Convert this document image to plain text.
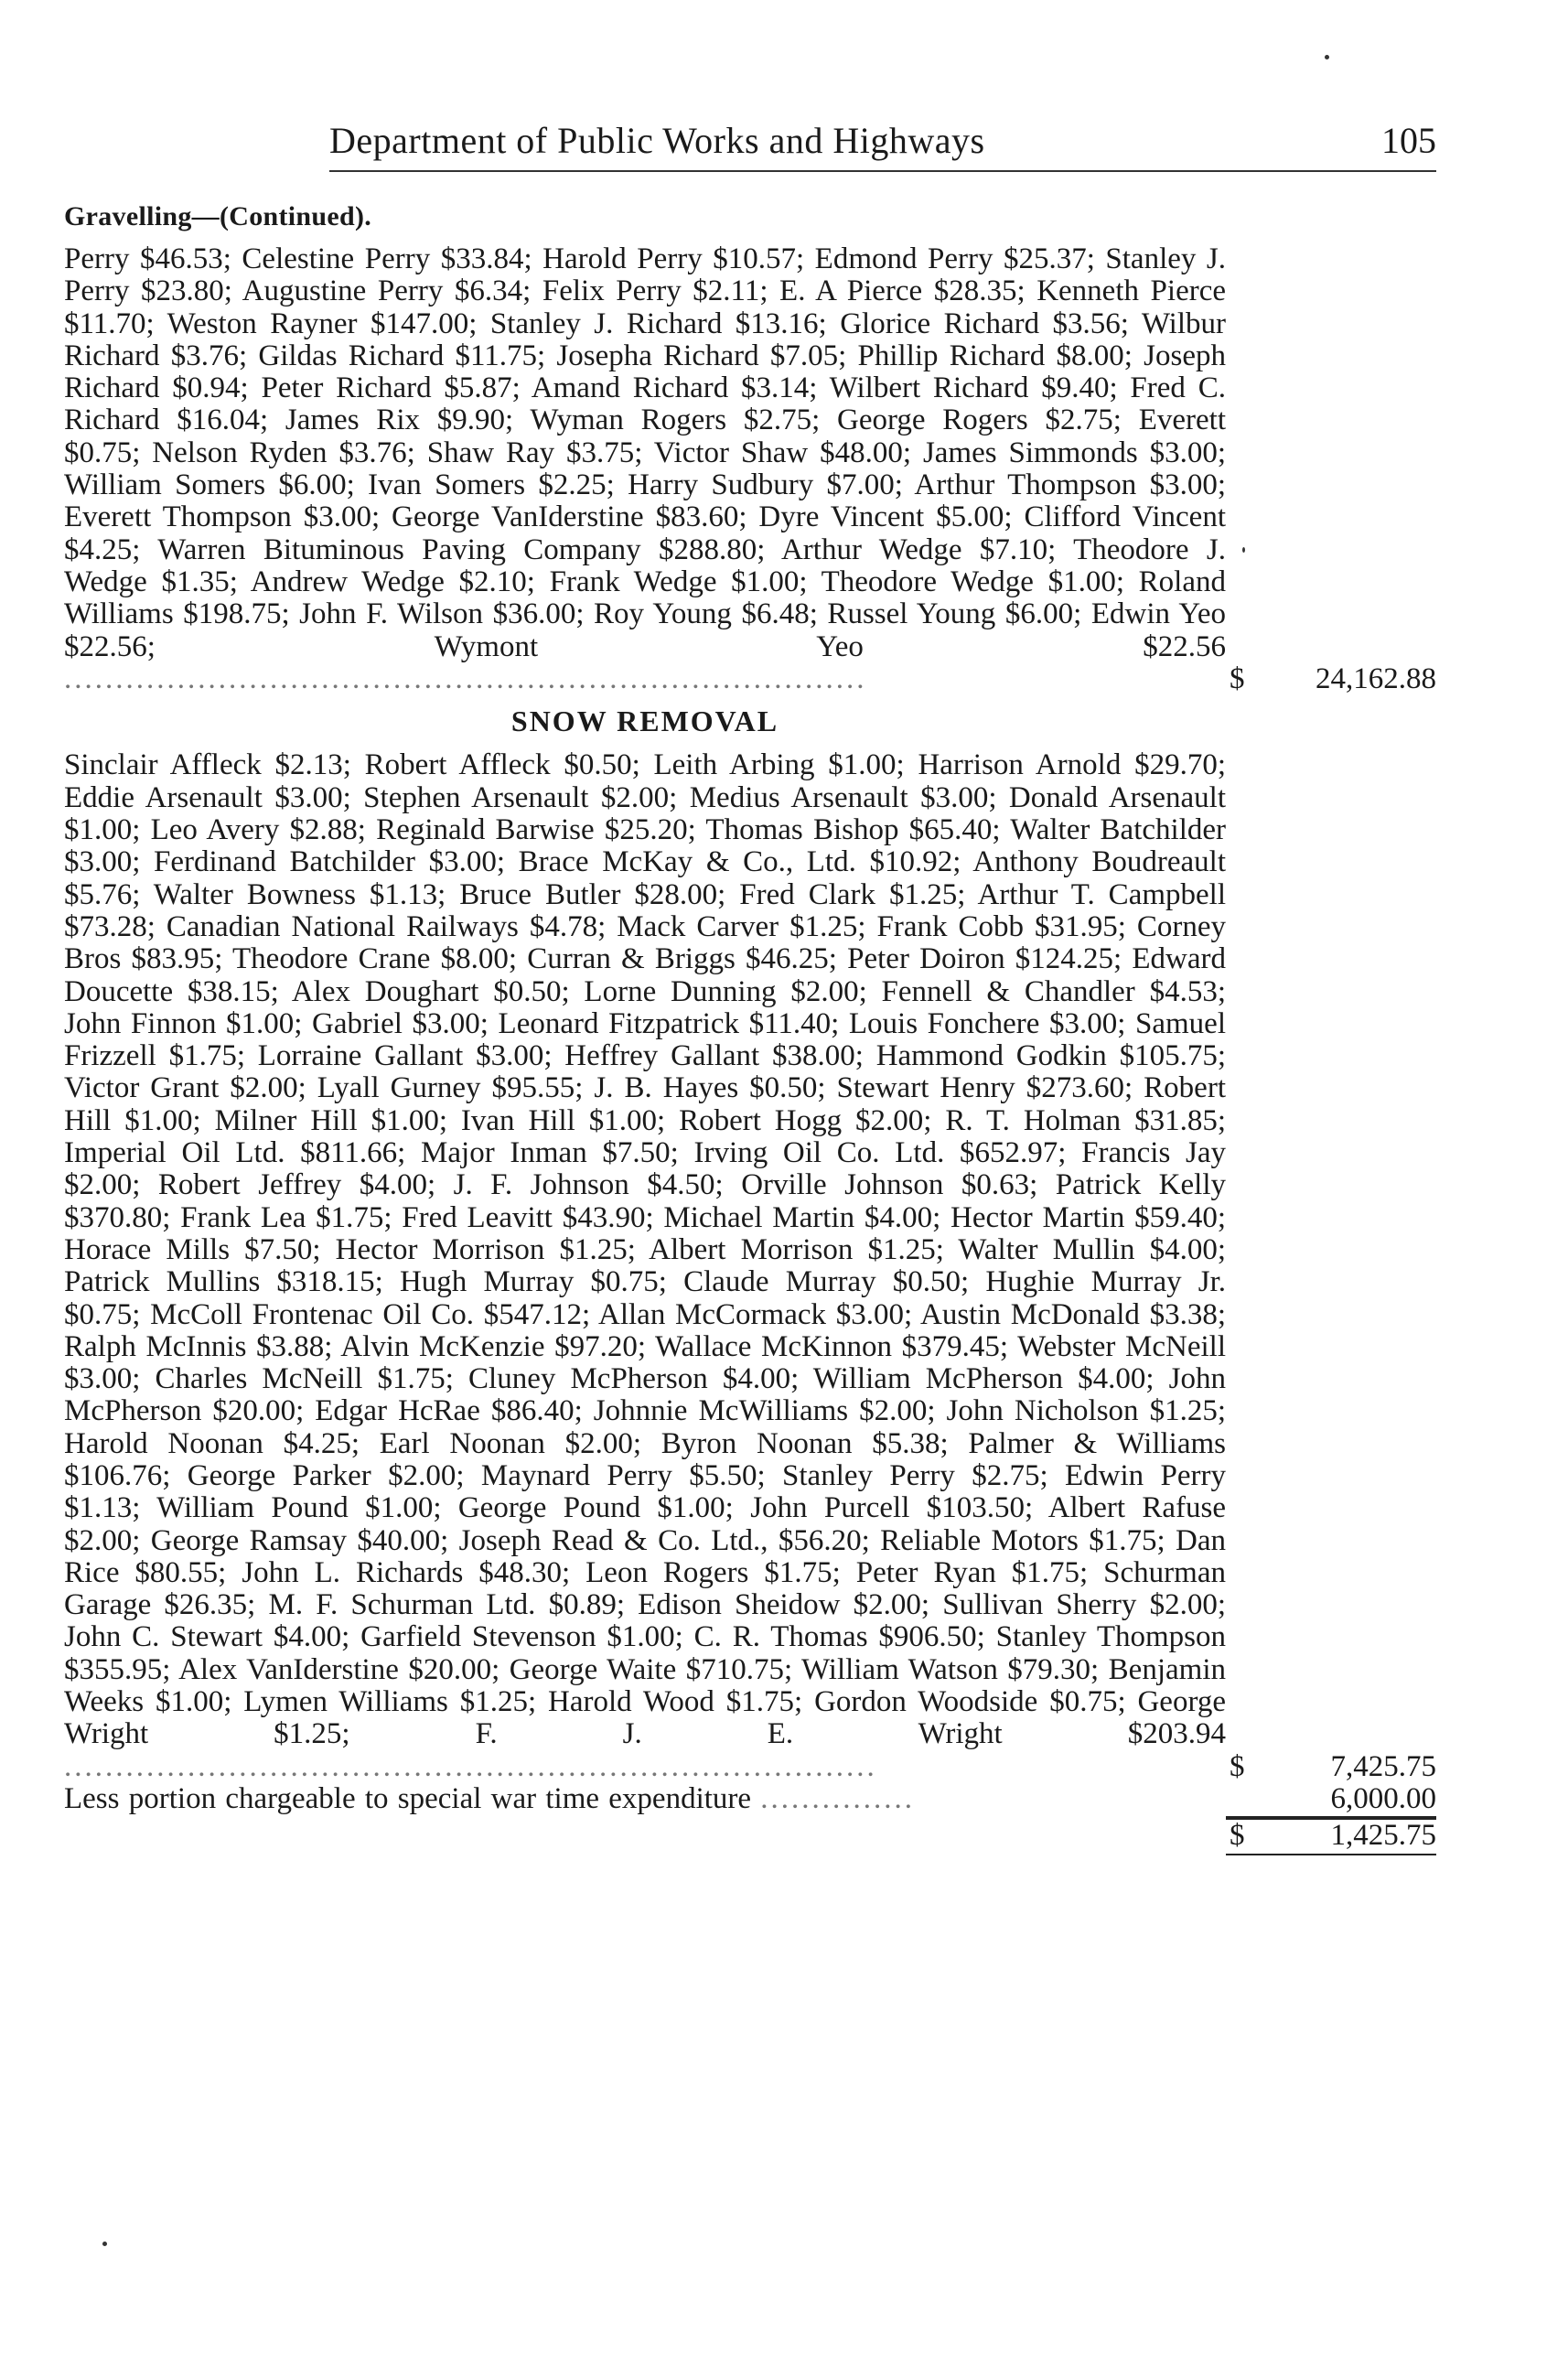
Department of Public Works and Highways	105
Gravelling—(Continued).
Perry $46.53; Celestine Perry $33.84; Harold Perry $10.57; Edmond Perry $25.37; Stanley J. Perry $23.80; Augustine Perry $6.34; Felix Perry $2.11; E. A Pierce $28.35; Kenneth Pierce $11.70; Weston Rayner $147.00; Stanley J. Richard $13.16; Glorice Richard $3.56; Wilbur Richard $3.76; Gildas Richard $11.75; Josepha Richard $7.05; Phillip Richard $8.00; Joseph Richard $0.94; Peter Richard $5.87; Amand Richard $3.14; Wilbert Richard $9.40; Fred C. Richard $16.04; James Rix $9.90; Wyman Rogers $2.75; George Rogers $2.75; Everett $0.75; Nelson Ryden $3.76; Shaw Ray $3.75; Victor Shaw $48.00; James Simmonds $3.00; William Somers $6.00; Ivan Somers $2.25; Harry Sudbury $7.00; Arthur Thompson $3.00; Everett Thompson $3.00; George VanIderstine $83.60; Dyre Vincent $5.00; Clifford Vincent $4.25; Warren Bituminous Paving Company $288.80; Arthur Wedge $7.10; Theodore J. Wedge $1.35; Andrew Wedge $2.10; Frank Wedge $1.00; Theodore Wedge $1.00; Roland Williams $198.75; John F. Wilson $36.00; Roy Young $6.48; Russel Young $6.00; Edwin Yeo $22.56; Wymont Yeo $22.56 ..............................................................................	$ 24,162.88
SNOW REMOVAL
Sinclair Affleck $2.13; Robert Affleck $0.50; Leith Arbing $1.00; Harrison Arnold $29.70; Eddie Arsenault $3.00; Stephen Arsenault $2.00; Medius Arsenault $3.00; Donald Arsenault $1.00; Leo Avery $2.88; Reginald Barwise $25.20; Thomas Bishop $65.40; Walter Batchilder $3.00; Ferdinand Batchilder $3.00; Brace McKay & Co., Ltd. $10.92; Anthony Boudreault $5.76; Walter Bowness $1.13; Bruce Butler $28.00; Fred Clark $1.25; Arthur T. Campbell $73.28; Canadian National Railways $4.78; Mack Carver $1.25; Frank Cobb $31.95; Corney Bros $83.95; Theodore Crane $8.00; Curran & Briggs $46.25; Peter Doiron $124.25; Edward Doucette $38.15; Alex Doughart $0.50; Lorne Dunning $2.00; Fennell & Chandler $4.53; John Finnon $1.00; Gabriel $3.00; Leonard Fitzpatrick $11.40; Louis Fonchere $3.00; Samuel Frizzell $1.75; Lorraine Gallant $3.00; Heffrey Gallant $38.00; Hammond Godkin $105.75; Victor Grant $2.00; Lyall Gurney $95.55; J. B. Hayes $0.50; Stewart Henry $273.60; Robert Hill $1.00; Milner Hill $1.00; Ivan Hill $1.00; Robert Hogg $2.00; R. T. Holman $31.85; Imperial Oil Ltd. $811.66; Major Inman $7.50; Irving Oil Co. Ltd. $652.97; Francis Jay $2.00; Robert Jeffrey $4.00; J. F. Johnson $4.50; Orville Johnson $0.63; Patrick Kelly $370.80; Frank Lea $1.75; Fred Leavitt $43.90; Michael Martin $4.00; Hector Martin $59.40; Horace Mills $7.50; Hector Morrison $1.25; Albert Morrison $1.25; Walter Mullin $4.00; Patrick Mullins $318.15; Hugh Murray $0.75; Claude Murray $0.50; Hughie Murray Jr. $0.75; McColl Frontenac Oil Co. $547.12; Allan McCormack $3.00; Austin McDonald $3.38; Ralph McInnis $3.88; Alvin McKenzie $97.20; Wallace McKinnon $379.45; Webster McNeill $3.00; Charles McNeill $1.75; Cluney McPherson $4.00; William McPherson $4.00; John McPherson $20.00; Edgar HcRae $86.40; Johnnie McWilliams $2.00; John Nicholson $1.25; Harold Noonan $4.25; Earl Noonan $2.00; Byron Noonan $5.38; Palmer & Williams $106.76; George Parker $2.00; Maynard Perry $5.50; Stanley Perry $2.75; Edwin Perry $1.13; William Pound $1.00; George Pound $1.00; John Purcell $103.50; Albert Rafuse $2.00; George Ramsay $40.00; Joseph Read & Co. Ltd., $56.20; Reliable Motors $1.75; Dan Rice $80.55; John L. Richards $48.30; Leon Rogers $1.75; Peter Ryan $1.75; Schurman Garage $26.35; M. F. Schurman Ltd. $0.89; Edison Sheidow $2.00; Sullivan Sherry $2.00; John C. Stewart $4.00; Garfield Stevenson $1.00; C. R. Thomas $906.50; Stanley Thompson $355.95; Alex VanIderstine $20.00; George Waite $710.75; William Watson $79.30; Benjamin Weeks $1.00; Lymen Williams $1.25; Harold Wood $1.75; Gordon Woodside $0.75; George Wright $1.25; F. J. E. Wright $203.94 ...............................................................................	$	7,425.75
Less portion chargeable to special war time expenditure ...............	6,000.00
$	1,425.75
